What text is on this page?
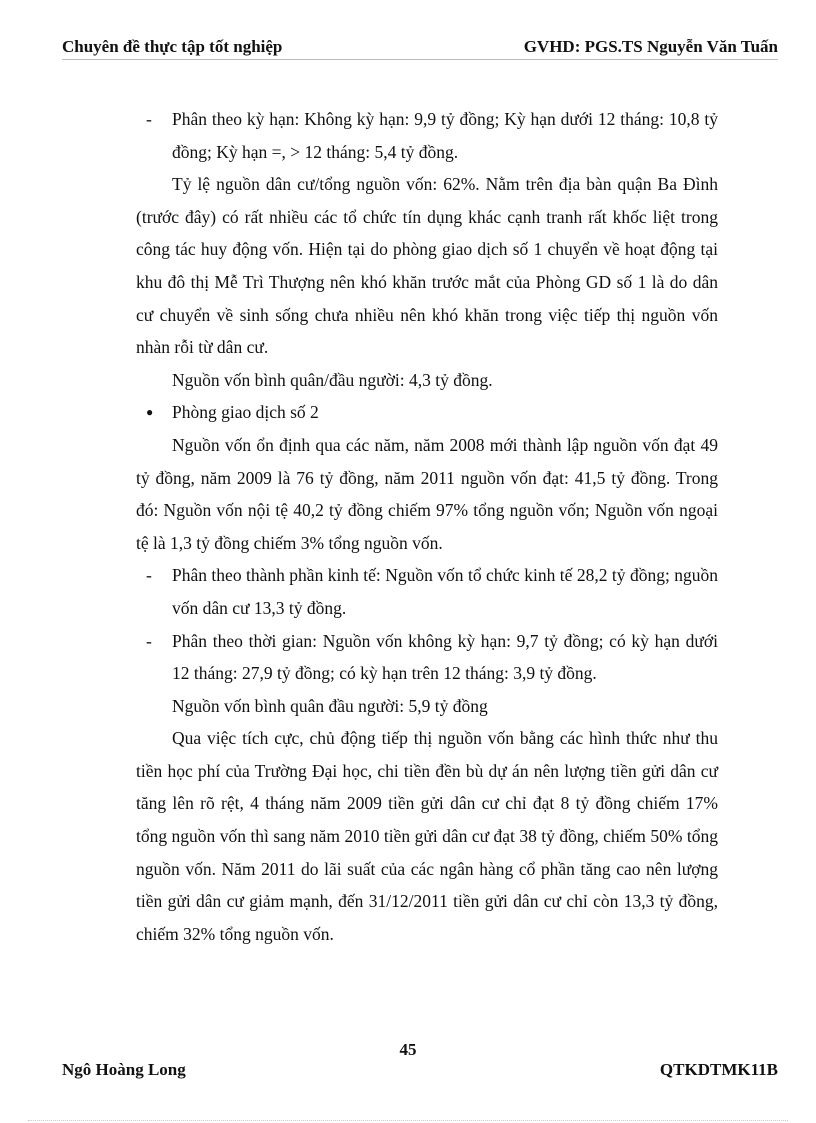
Chuyên đề thực tập tốt nghiệp	GVHD: PGS.TS Nguyễn Văn Tuấn

-	Phân theo kỳ hạn: Không kỳ hạn: 9,9 tỷ đồng; Kỳ hạn dưới 12 tháng: 10,8 tỷ đồng; Kỳ hạn =, > 12 tháng: 5,4 tỷ đồng.

Tỷ lệ nguồn dân cư/tổng nguồn vốn: 62%. Nằm trên địa bàn quận Ba Đình (trước đây) có rất nhiều các tổ chức tín dụng khác cạnh tranh rất khốc liệt trong công tác huy động vốn. Hiện tại do phòng giao dịch số 1 chuyển về hoạt động tại khu đô thị Mễ Trì Thượng nên khó khăn trước mắt của Phòng GD số 1 là do dân cư chuyển về sinh sống chưa nhiều nên khó khăn trong việc tiếp thị nguồn vốn nhàn rỗi từ dân cư.

Nguồn vốn bình quân/đầu người: 4,3 tỷ đồng.

●	Phòng giao dịch số 2

Nguồn vốn ổn định qua các năm, năm 2008 mới thành lập nguồn vốn đạt 49 tỷ đồng, năm 2009 là 76 tỷ đồng, năm 2011 nguồn vốn đạt: 41,5 tỷ đồng. Trong đó: Nguồn vốn nội tệ 40,2 tỷ đồng chiếm 97% tổng nguồn vốn; Nguồn vốn ngoại tệ là 1,3 tỷ đồng chiếm 3% tổng nguồn vốn.

-	Phân theo thành phần kinh tế: Nguồn vốn tổ chức kinh tế 28,2 tỷ đồng; nguồn vốn dân cư 13,3 tỷ đồng.

-	Phân theo thời gian: Nguồn vốn không kỳ hạn: 9,7 tỷ đồng; có kỳ hạn dưới 12 tháng: 27,9 tỷ đồng; có kỳ hạn trên 12 tháng: 3,9 tỷ đồng.

Nguồn vốn bình quân đầu người: 5,9 tỷ đồng

Qua việc tích cực, chủ động tiếp thị nguồn vốn bằng các hình thức như thu tiền học phí của Trường Đại học, chi tiền đền bù dự án nên lượng tiền gửi dân cư tăng lên rõ rệt, 4 tháng năm 2009 tiền gửi dân cư chỉ đạt 8 tỷ đồng chiếm 17% tổng nguồn vốn thì sang năm 2010 tiền gửi dân cư đạt 38 tỷ đồng, chiếm 50% tổng nguồn vốn. Năm 2011 do lãi suất của các ngân hàng cổ phần tăng cao nên lượng tiền gửi dân cư giảm mạnh, đến 31/12/2011 tiền gửi dân cư chỉ còn 13,3 tỷ đồng, chiếm 32% tổng nguồn vốn.

45
Ngô Hoàng Long	QTKDTMK11B
